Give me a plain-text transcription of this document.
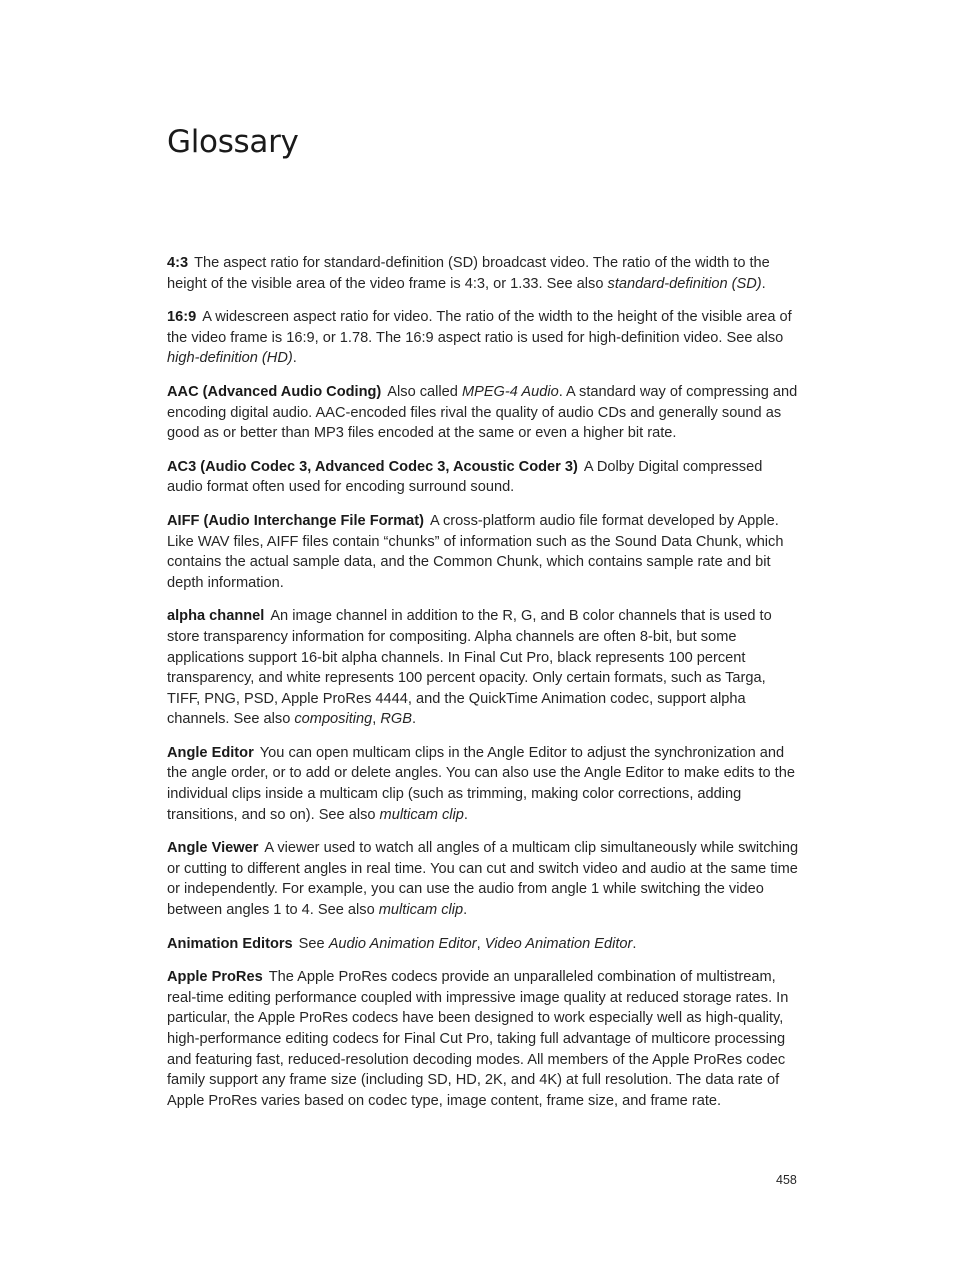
Glossary

4:3 The aspect ratio for standard-definition (SD) broadcast video. The ratio of the width to the height of the visible area of the video frame is 4:3, or 1.33. See also standard-definition (SD).

16:9 A widescreen aspect ratio for video. The ratio of the width to the height of the visible area of the video frame is 16:9, or 1.78. The 16:9 aspect ratio is used for high-definition video. See also high-definition (HD).

AAC (Advanced Audio Coding) Also called MPEG-4 Audio. A standard way of compressing and encoding digital audio. AAC-encoded files rival the quality of audio CDs and generally sound as good as or better than MP3 files encoded at the same or even a higher bit rate.

AC3 (Audio Codec 3, Advanced Codec 3, Acoustic Coder 3) A Dolby Digital compressed audio format often used for encoding surround sound.

AIFF (Audio Interchange File Format) A cross-platform audio file format developed by Apple. Like WAV files, AIFF files contain “chunks” of information such as the Sound Data Chunk, which contains the actual sample data, and the Common Chunk, which contains sample rate and bit depth information.

alpha channel An image channel in addition to the R, G, and B color channels that is used to store transparency information for compositing. Alpha channels are often 8-bit, but some applications support 16-bit alpha channels. In Final Cut Pro, black represents 100 percent transparency, and white represents 100 percent opacity. Only certain formats, such as Targa, TIFF, PNG, PSD, Apple ProRes 4444, and the QuickTime Animation codec, support alpha channels. See also compositing, RGB.

Angle Editor You can open multicam clips in the Angle Editor to adjust the synchronization and the angle order, or to add or delete angles. You can also use the Angle Editor to make edits to the individual clips inside a multicam clip (such as trimming, making color corrections, adding transitions, and so on). See also multicam clip.

Angle Viewer A viewer used to watch all angles of a multicam clip simultaneously while switching or cutting to different angles in real time. You can cut and switch video and audio at the same time or independently. For example, you can use the audio from angle 1 while switching the video between angles 1 to 4. See also multicam clip.

Animation Editors See Audio Animation Editor, Video Animation Editor.

Apple ProRes The Apple ProRes codecs provide an unparalleled combination of multistream, real-time editing performance coupled with impressive image quality at reduced storage rates. In particular, the Apple ProRes codecs have been designed to work especially well as high-quality, high-performance editing codecs for Final Cut Pro, taking full advantage of multicore processing and featuring fast, reduced-resolution decoding modes. All members of the Apple ProRes codec family support any frame size (including SD, HD, 2K, and 4K) at full resolution. The data rate of Apple ProRes varies based on codec type, image content, frame size, and frame rate.

458
